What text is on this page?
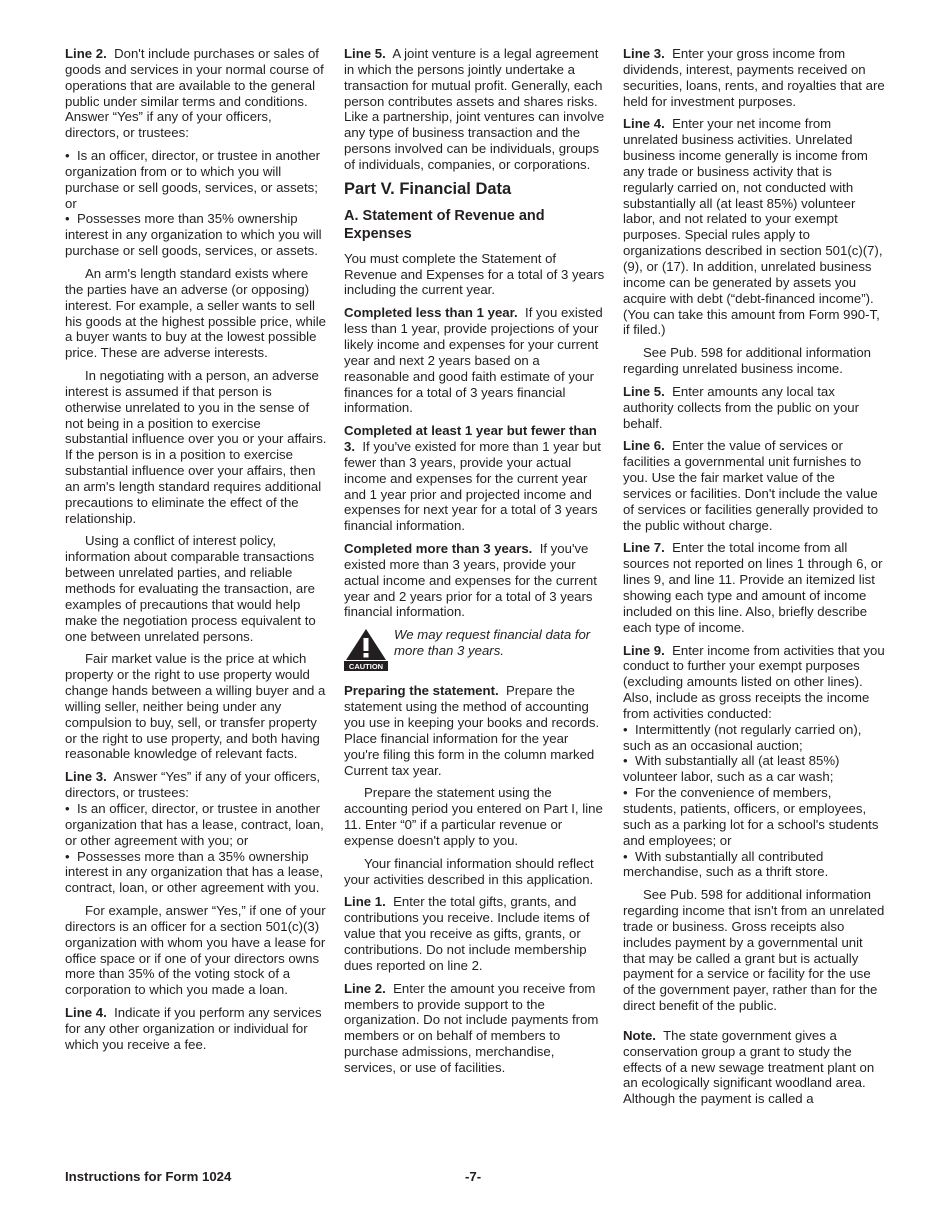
Line 2. Don't include purchases or sales of goods and services in your normal course of operations that are available to the general public under similar terms and conditions. Answer “Yes” if any of your officers, directors, or trustees:

•  Is an officer, director, or trustee in another organization from or to which you will purchase or sell goods, services, or assets; or

•  Possesses more than 35% ownership interest in any organization to which you will purchase or sell goods, services, or assets.

An arm's length standard exists where the parties have an adverse (or opposing) interest. For example, a seller wants to sell his goods at the highest possible price, while a buyer wants to buy at the lowest possible price. These are adverse interests.

In negotiating with a person, an adverse interest is assumed if that person is otherwise unrelated to you in the sense of not being in a position to exercise substantial influence over you or your affairs. If the person is in a position to exercise substantial influence over your affairs, then an arm's length standard requires additional precautions to eliminate the effect of the relationship.

Using a conflict of interest policy, information about comparable transactions between unrelated parties, and reliable methods for evaluating the transaction, are examples of precautions that would help make the negotiation process equivalent to one between unrelated persons.

Fair market value is the price at which property or the right to use property would change hands between a willing buyer and a willing seller, neither being under any compulsion to buy, sell, or transfer property or the right to use property, and both having reasonable knowledge of relevant facts.

Line 3. Answer “Yes” if any of your officers, directors, or trustees:

•  Is an officer, director, or trustee in another organization that has a lease, contract, loan, or other agreement with you; or

•  Possesses more than a 35% ownership interest in any organization that has a lease, contract, loan, or other agreement with you.

For example, answer “Yes,” if one of your directors is an officer for a section 501(c)(3) organization with whom you have a lease for office space or if one of your directors owns more than 35% of the voting stock of a corporation to which you made a loan.

Line 4. Indicate if you perform any services for any other organization or individual for which you receive a fee.

Line 5. A joint venture is a legal agreement in which the persons jointly undertake a transaction for mutual profit. Generally, each person contributes assets and shares risks. Like a partnership, joint ventures can involve any type of business transaction and the persons involved can be individuals, groups of individuals, companies, or corporations.

Part V. Financial Data
A. Statement of Revenue and Expenses

You must complete the Statement of Revenue and Expenses for a total of 3 years including the current year.

Completed less than 1 year. If you existed less than 1 year, provide projections of your likely income and expenses for your current year and next 2 years based on a reasonable and good faith estimate of your finances for a total of 3 years financial information.

Completed at least 1 year but fewer than 3. If you've existed for more than 1 year but fewer than 3 years, provide your actual income and expenses for the current year and 1 year prior and projected income and expenses for next year for a total of 3 years financial information.

Completed more than 3 years. If you've existed more than 3 years, provide your actual income and expenses for the current year and 2 years prior for a total of 3 years financial information.

CAUTION
We may request financial data for more than 3 years.

Preparing the statement. Prepare the statement using the method of accounting you use in keeping your books and records. Place financial information for the year you're filing this form in the column marked Current tax year.

Prepare the statement using the accounting period you entered on Part I, line 11. Enter “0” if a particular revenue or expense doesn't apply to you.

Your financial information should reflect your activities described in this application.

Line 1. Enter the total gifts, grants, and contributions you receive. Include items of value that you receive as gifts, grants, or contributions. Do not include membership dues reported on line 2.

Line 2. Enter the amount you receive from members to provide support to the organization. Do not include payments from members or on behalf of members to purchase admissions, merchandise, services, or use of facilities.

Line 3. Enter your gross income from dividends, interest, payments received on securities, loans, rents, and royalties that are held for investment purposes.

Line 4. Enter your net income from unrelated business activities. Unrelated business income generally is income from any trade or business activity that is regularly carried on, not conducted with substantially all (at least 85%) volunteer labor, and not related to your exempt purposes. Special rules apply to organizations described in section 501(c)(7), (9), or (17). In addition, unrelated business income can be generated by assets you acquire with debt (“debt-financed income”). (You can take this amount from Form 990-T, if filed.)

See Pub. 598 for additional information regarding unrelated business income.

Line 5. Enter amounts any local tax authority collects from the public on your behalf.

Line 6. Enter the value of services or facilities a governmental unit furnishes to you. Use the fair market value of the services or facilities. Don't include the value of services or facilities generally provided to the public without charge.

Line 7. Enter the total income from all sources not reported on lines 1 through 6, or lines 9, and line 11. Provide an itemized list showing each type and amount of income included on this line. Also, briefly describe each type of income.

Line 9. Enter income from activities that you conduct to further your exempt purposes (excluding amounts listed on other lines). Also, include as gross receipts the income from activities conducted:

•  Intermittently (not regularly carried on), such as an occasional auction;

•  With substantially all (at least 85%) volunteer labor, such as a car wash;

•  For the convenience of members, students, patients, officers, or employees, such as a parking lot for a school's students and employees; or

•  With substantially all contributed merchandise, such as a thrift store.

See Pub. 598 for additional information regarding income that isn't from an unrelated trade or business. Gross receipts also includes payment by a governmental unit that may be called a grant but is actually payment for a service or facility for the use of the government payer, rather than for the direct benefit of the public.

Note. The state government gives a conservation group a grant to study the effects of a new sewage treatment plant on an ecologically significant woodland area. Although the payment is called a

Instructions for Form 1024	-7-
